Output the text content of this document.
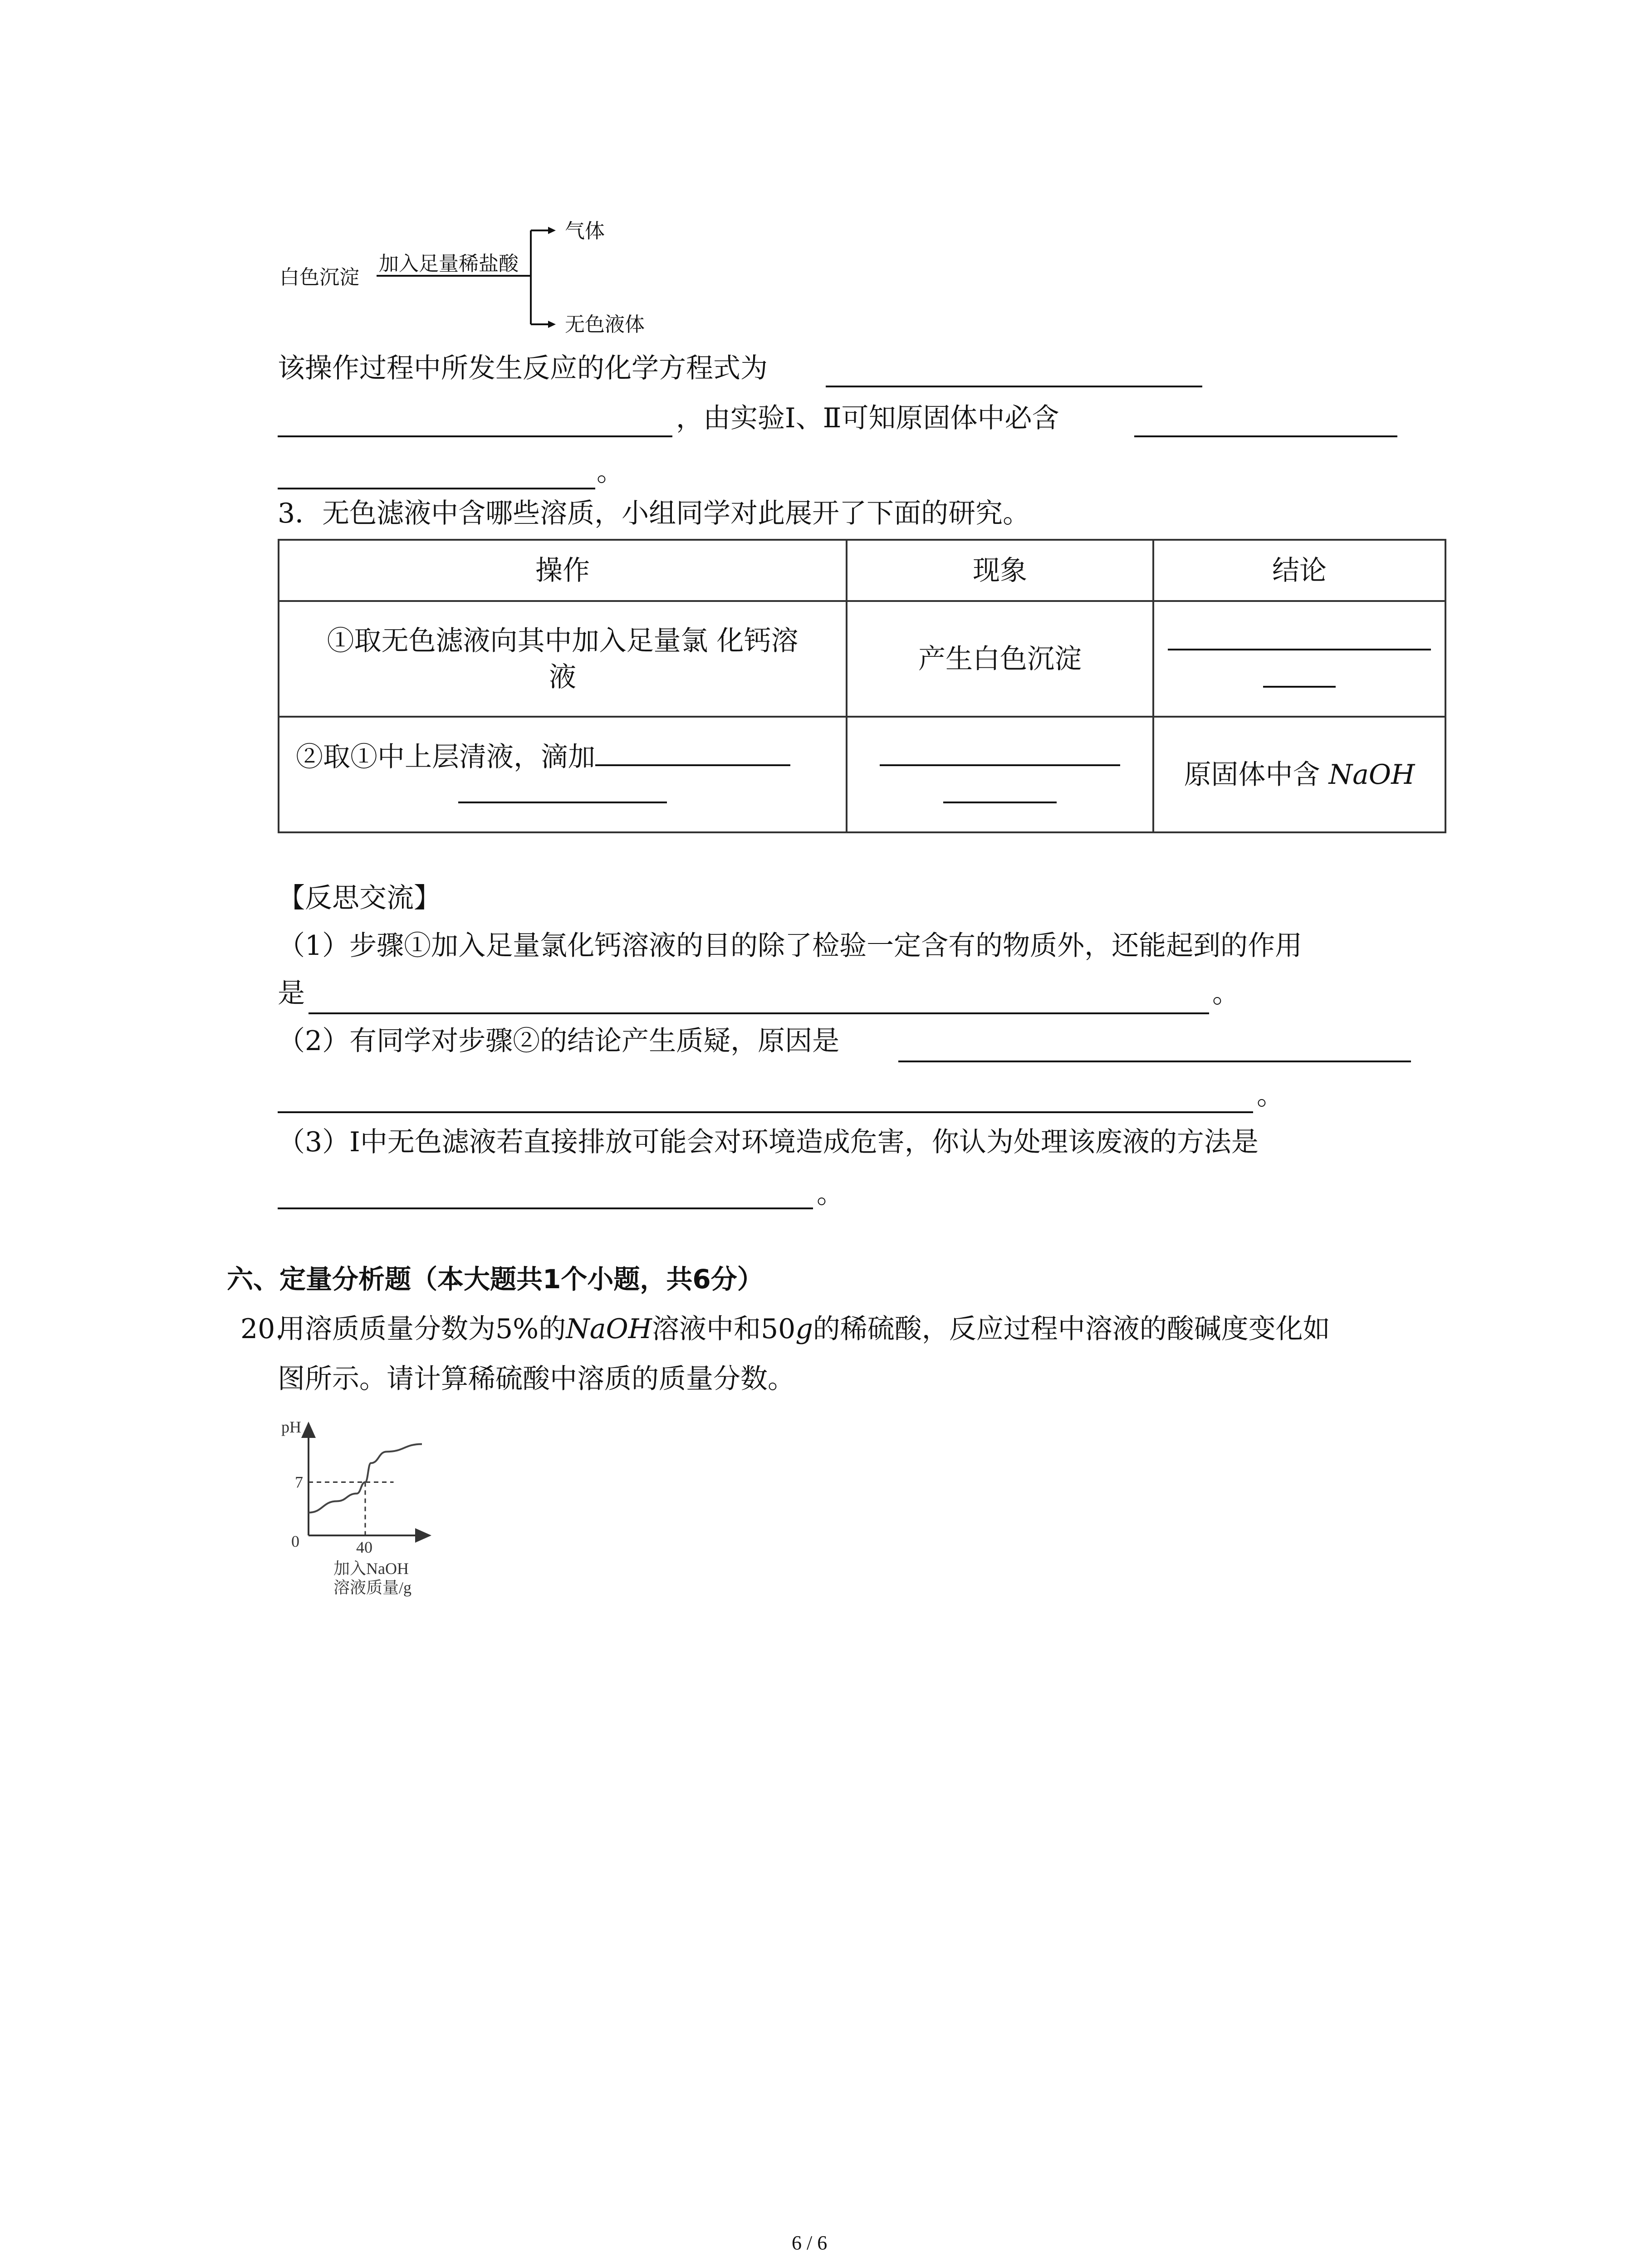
白色沉淀
加入足量稀盐酸
气体
无色液体
该操作过程中所发生反应的化学方程式为
，由实验Ⅰ、Ⅱ可知原固体中必含
。
3．无色滤液中含哪些溶质，小组同学对此展开了下面的研究。
操作	现象	结论

①取无色滤液向其中加入足量氯 化钙溶
液	产生白色沉淀	

②取①中上层清液，滴加		原固体中含 NaOH
【反思交流】
（1）步骤①加入足量氯化钙溶液的目的除了检验一定含有的物质外，还能起到的作用
是	。
（2）有同学对步骤②的结论产生质疑，原因是
。
（3）Ⅰ中无色滤液若直接排放可能会对环境造成危害，你认为处理该废液的方法是
。
六、定量分析题（本大题共1个小题，共6分）
20.
用溶质质量分数为5%的NaOH溶液中和50g的稀硫酸，反应过程中溶液的酸碱度变化如
图所示。请计算稀硫酸中溶质的质量分数。
pH
0
7
40
加入NaOH
溶液质量/g
6 / 6
